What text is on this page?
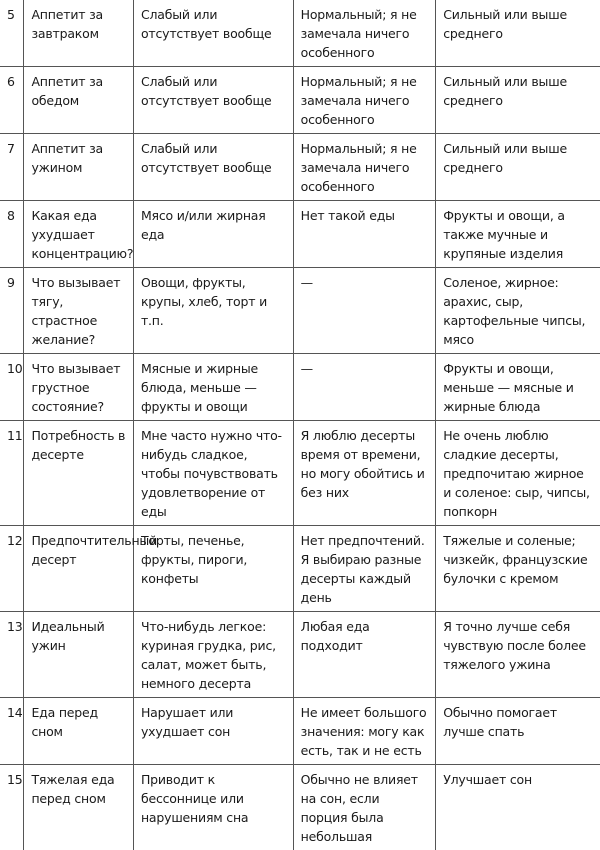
5	Аппетит за завтраком	Слабый или отсутствует вообще	Нормальный; я не замечала ничего особенного	Сильный или выше среднего
6	Аппетит за обедом	Слабый или отсутствует вообще	Нормальный; я не замечала ничего особенного	Сильный или выше среднего
7	Аппетит за ужином	Слабый или отсутствует вообще	Нормальный; я не замечала ничего особенного	Сильный или выше среднего
8	Какая еда ухудшает концентрацию?	Мясо и/или жирная еда	Нет такой еды	Фрукты и овощи, а также мучные и крупяные изделия
9	Что вызывает тягу, страстное желание?	Овощи, фрукты, крупы, хлеб, торт и т.п.	—	Соленое, жирное: арахис, сыр, картофельные чипсы, мясо
10	Что вызывает грустное состояние?	Мясные и жирные блюда, меньше — фрукты и овощи	—	Фрукты и овощи, меньше — мясные и жирные блюда
11	Потребность в десерте	Мне часто нужно что-нибудь сладкое, чтобы почувствовать удовлетворение от еды	Я люблю десерты время от времени, но могу обойтись и без них	Не очень люблю сладкие десерты, предпочитаю жирное и соленое: сыр, чипсы, попкорн
12	Предпочтительный десерт	Торты, печенье, фрукты, пироги, конфеты	Нет предпочтений. Я выбираю разные десерты каждый день	Тяжелые и соленые; чизкейк, французские булочки с кремом
13	Идеальный ужин	Что-нибудь легкое: куриная грудка, рис, салат, может быть, немного десерта	Любая еда подходит	Я точно лучше себя чувствую после более тяжелого ужина
14	Еда перед сном	Нарушает или ухудшает сон	Не имеет большого значения: могу как есть, так и не есть	Обычно помогает лучше спать
15	Тяжелая еда перед сном	Приводит к бессоннице или нарушениям сна	Обычно не влияет на сон, если порция была небольшая	Улучшает сон
